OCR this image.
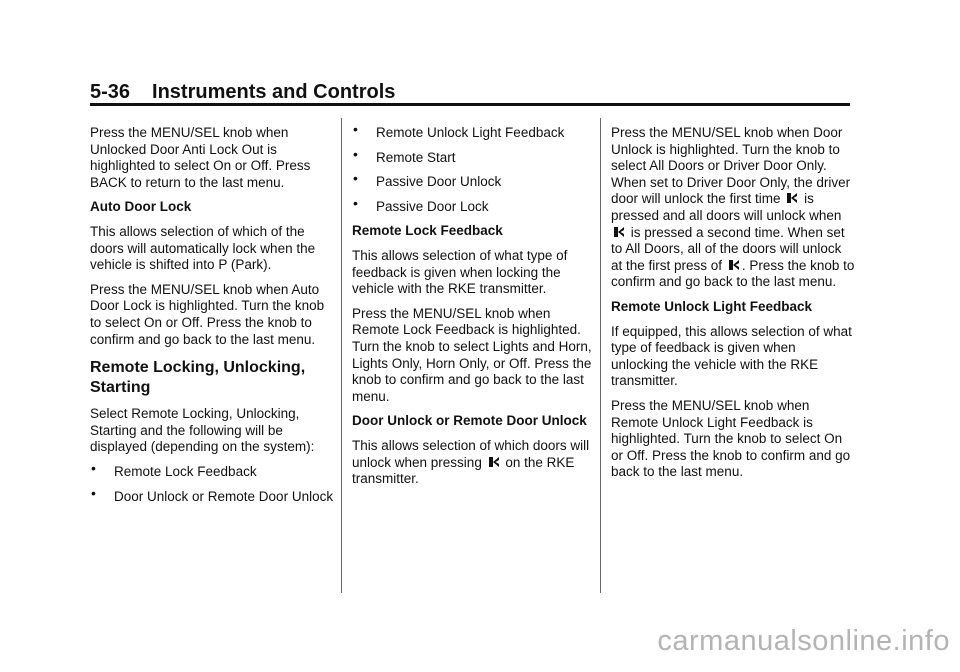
5-36 Instruments and Controls

Press the MENU/SEL knob when Unlocked Door Anti Lock Out is highlighted to select On or Off. Press BACK to return to the last menu.

Auto Door Lock

This allows selection of which of the doors will automatically lock when the vehicle is shifted into P (Park).

Press the MENU/SEL knob when Auto Door Lock is highlighted. Turn the knob to select On or Off. Press the knob to confirm and go back to the last menu.

Remote Locking, Unlocking, Starting

Select Remote Locking, Unlocking, Starting and the following will be displayed (depending on the system):

• Remote Lock Feedback
• Door Unlock or Remote Door Unlock
• Remote Unlock Light Feedback
• Remote Start
• Passive Door Unlock
• Passive Door Lock
Remote Lock Feedback

This allows selection of what type of feedback is given when locking the vehicle with the RKE transmitter.

Press the MENU/SEL knob when Remote Lock Feedback is highlighted. Turn the knob to select Lights and Horn, Lights Only, Horn Only, or Off. Press the knob to confirm and go back to the last menu.

Door Unlock or Remote Door Unlock

This allows selection of which doors will unlock when pressing on the RKE transmitter.

Press the MENU/SEL knob when Door Unlock is highlighted. Turn the knob to select All Doors or Driver Door Only. When set to Driver Door Only, the driver door will unlock the first time is pressed and all doors will unlock when  is pressed a second time. When set to All Doors, all of the doors will unlock at the first press of . Press the knob to confirm and go back to the last menu.

Remote Unlock Light Feedback

If equipped, this allows selection of what type of feedback is given when unlocking the vehicle with the RKE transmitter.

Press the MENU/SEL knob when Remote Unlock Light Feedback is highlighted. Turn the knob to select On or Off. Press the knob to confirm and go back to the last menu.

carmanualsonline.info
